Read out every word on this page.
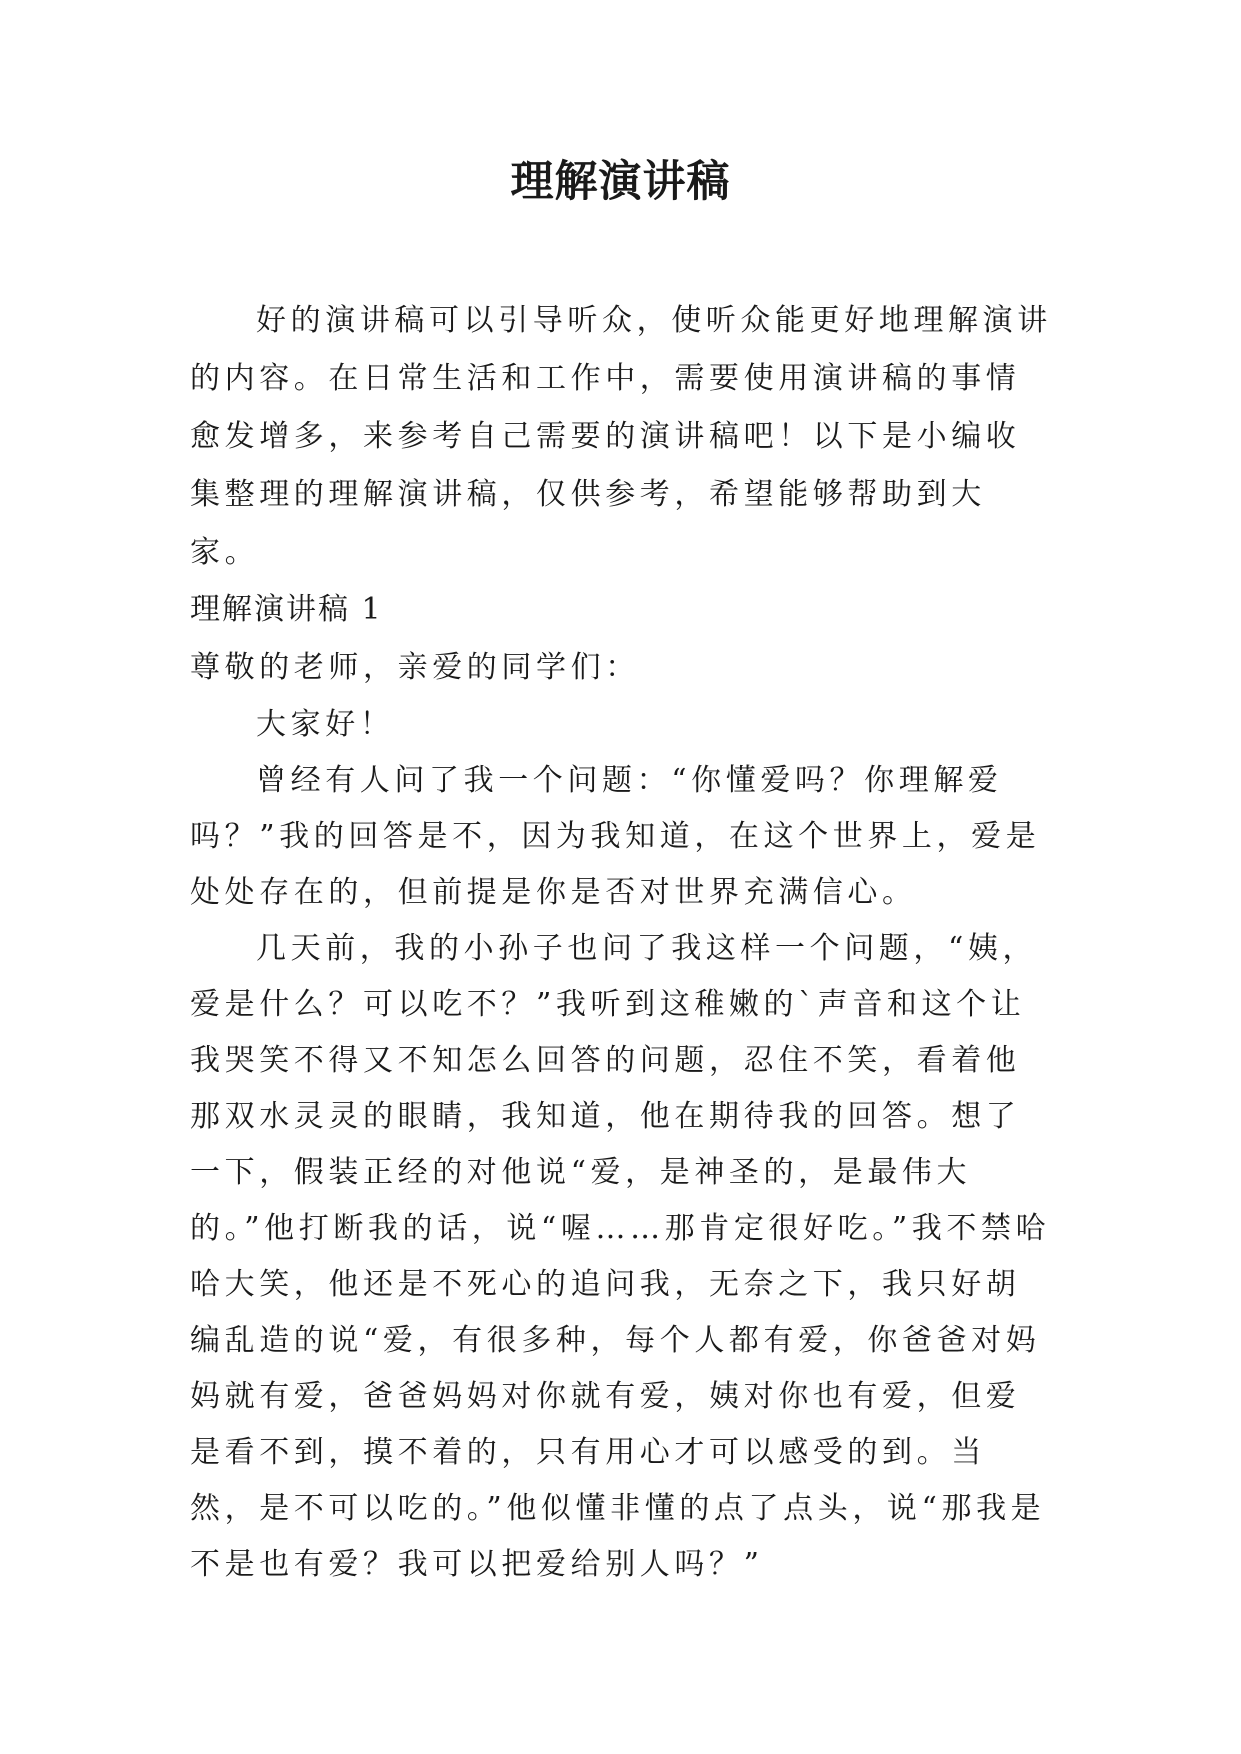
理解演讲稿
好的演讲稿可以引导听众，使听众能更好地理解演讲的内容。在日常生活和工作中，需要使用演讲稿的事情愈发增多，来参考自己需要的演讲稿吧！以下是小编收集整理的理解演讲稿，仅供参考，希望能够帮助到大家。
理解演讲稿 1
尊敬的老师，亲爱的同学们：

大家好！

曾经有人问了我一个问题：“你懂爱吗？你理解爱吗？”我的回答是不，因为我知道，在这个世界上，爱是处处存在的，但前提是你是否对世界充满信心。

几天前，我的小孙子也问了我这样一个问题，“姨，爱是什么？可以吃不？”我听到这稚嫩的`声音和这个让我哭笑不得又不知怎么回答的问题，忍住不笑，看着他那双水灵灵的眼睛，我知道，他在期待我的回答。想了一下，假装正经的对他说“爱，是神圣的，是最伟大的。”他打断我的话，说“喔……那肯定很好吃。”我不禁哈哈大笑，他还是不死心的追问我，无奈之下，我只好胡编乱造的说“爱，有很多种，每个人都有爱，你爸爸对妈妈就有爱，爸爸妈妈对你就有爱，姨对你也有爱，但爱是看不到，摸不着的，只有用心才可以感受的到。当然，是不可以吃的。”他似懂非懂的点了点头，说“那我是不是也有爱？我可以把爱给别人吗？”
